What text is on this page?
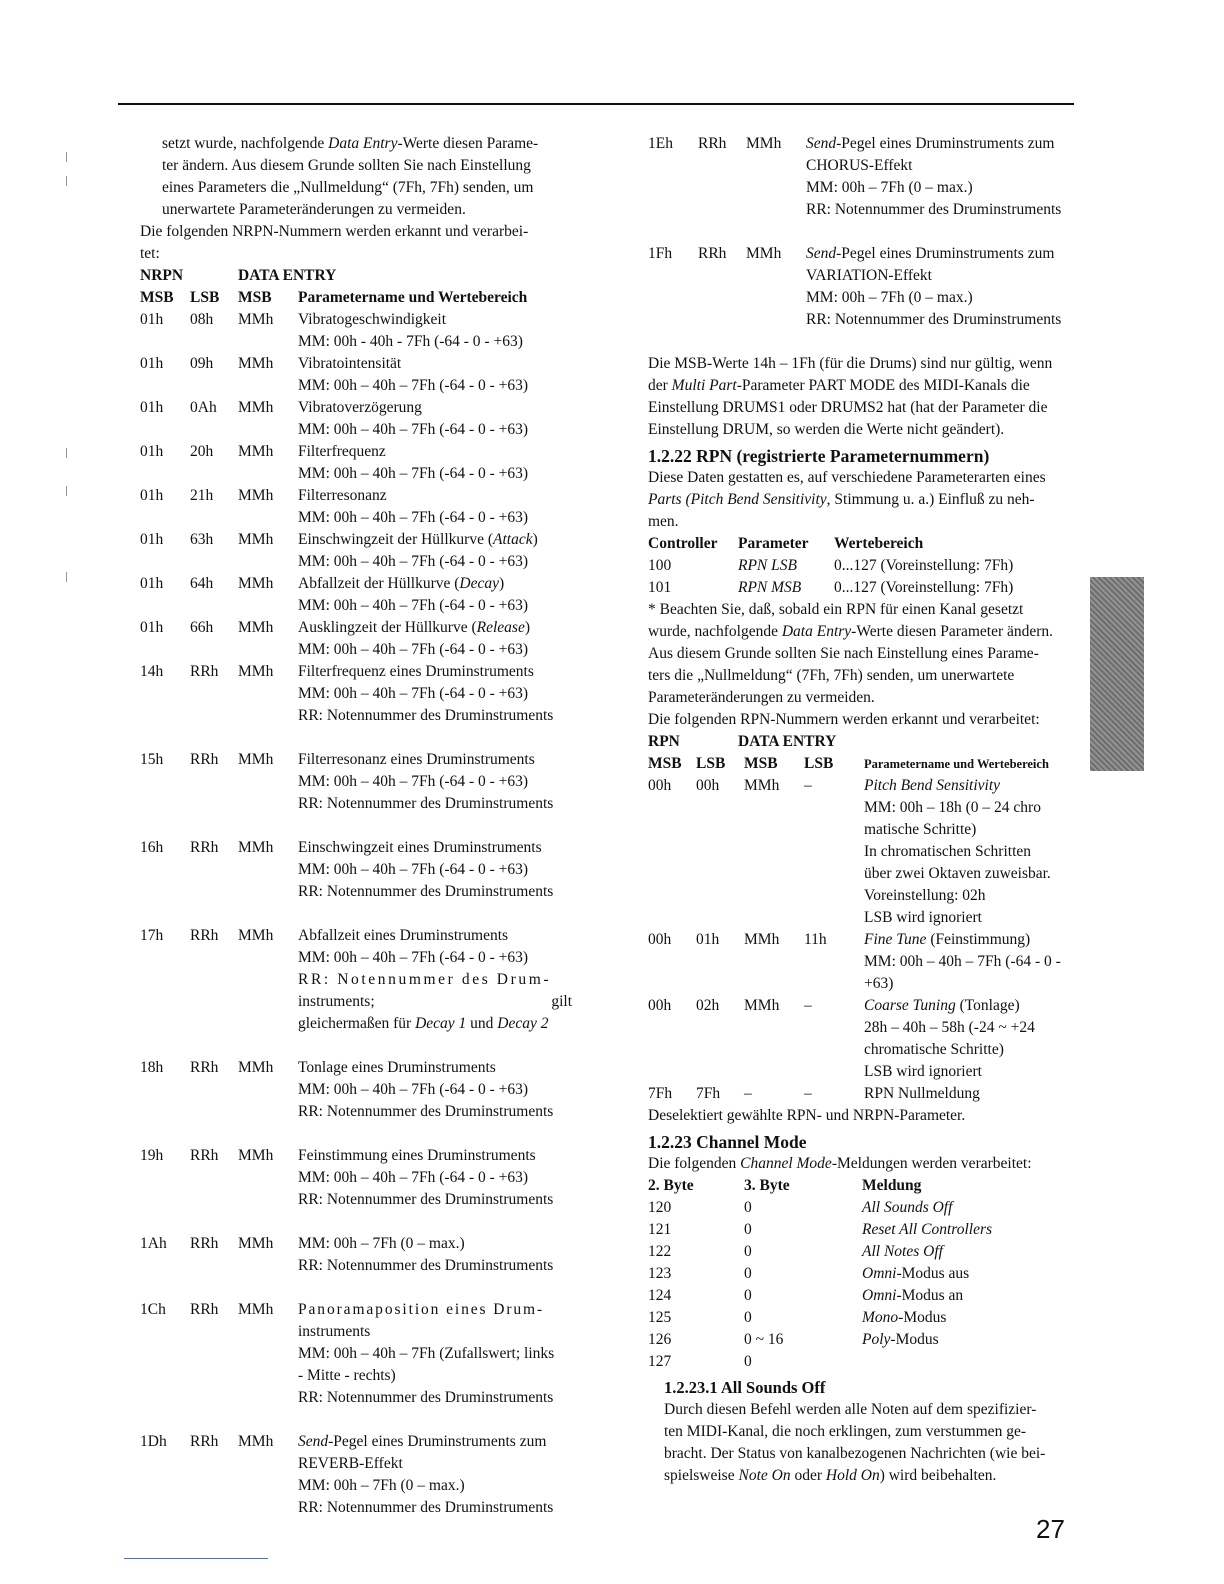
setzt wurde, nachfolgende Data Entry-Werte diesen Parame-
ter ändern. Aus diesem Grunde sollten Sie nach Einstellung
eines Parameters die „Nullmeldung“ (7Fh, 7Fh) senden, um
unerwartete Parameteränderungen zu vermeiden.
Die folgenden NRPN-Nummern werden erkannt und verarbei-
tet:
NRPN	DATA ENTRY
MSB LSB MSB Parametername und Wertebereich
01h 08h MMh Vibratogeschwindigkeit
MM: 00h - 40h - 7Fh (-64 - 0 - +63)
01h 09h MMh Vibratointensität
MM: 00h – 40h – 7Fh (-64 - 0 - +63)
01h 0Ah MMh Vibratoverzögerung
MM: 00h – 40h – 7Fh (-64 - 0 - +63)
01h 20h MMh Filterfrequenz
MM: 00h – 40h – 7Fh (-64 - 0 - +63)
01h 21h MMh Filterresonanz
MM: 00h – 40h – 7Fh (-64 - 0 - +63)
01h 63h MMh Einschwingzeit der Hüllkurve (Attack)
MM: 00h – 40h – 7Fh (-64 - 0 - +63)
01h 64h MMh Abfallzeit der Hüllkurve (Decay)
MM: 00h – 40h – 7Fh (-64 - 0 - +63)
01h 66h MMh Ausklingzeit der Hüllkurve (Release)
MM: 00h – 40h – 7Fh (-64 - 0 - +63)
14h RRh MMh Filterfrequenz eines Druminstruments
MM: 00h – 40h – 7Fh (-64 - 0 - +63)
RR: Notennummer des Druminstruments
15h RRh MMh Filterresonanz eines Druminstruments
MM: 00h – 40h – 7Fh (-64 - 0 - +63)
RR: Notennummer des Druminstruments
16h RRh MMh Einschwingzeit eines Druminstruments
MM: 00h – 40h – 7Fh (-64 - 0 - +63)
RR: Notennummer des Druminstruments
17h RRh MMh Abfallzeit eines Druminstruments
MM: 00h – 40h – 7Fh (-64 - 0 - +63)
RR: Notennummer des Drum-
instruments; gilt
gleichermaßen für Decay 1 und Decay 2
18h RRh MMh Tonlage eines Druminstruments
MM: 00h – 40h – 7Fh (-64 - 0 - +63)
RR: Notennummer des Druminstruments
19h RRh MMh Feinstimmung eines Druminstruments
MM: 00h – 40h – 7Fh (-64 - 0 - +63)
RR: Notennummer des Druminstruments
1Ah RRh MMh MM: 00h – 7Fh (0 – max.)
RR: Notennummer des Druminstruments
1Ch RRh MMh Panoramaposition eines Drum-
instruments
MM: 00h – 40h – 7Fh (Zufallswert; links
- Mitte - rechts)
RR: Notennummer des Druminstruments
1Dh RRh MMh Send-Pegel eines Druminstruments zum
REVERB-Effekt
MM: 00h – 7Fh (0 – max.)
RR: Notennummer des Druminstruments
1Eh RRh MMh Send-Pegel eines Druminstruments zum
CHORUS-Effekt
MM: 00h – 7Fh (0 – max.)
RR: Notennummer des Druminstruments
1Fh RRh MMh Send-Pegel eines Druminstruments zum
VARIATION-Effekt
MM: 00h – 7Fh (0 – max.)
RR: Notennummer des Druminstruments
Die MSB-Werte 14h – 1Fh (für die Drums) sind nur gültig, wenn
der Multi Part-Parameter PART MODE des MIDI-Kanals die
Einstellung DRUMS1 oder DRUMS2 hat (hat der Parameter die
Einstellung DRUM, so werden die Werte nicht geändert).
1.2.22 RPN (registrierte Parameternummern)
Diese Daten gestatten es, auf verschiedene Parameterarten eines
Parts (Pitch Bend Sensitivity, Stimmung u. a.) Einfluß zu neh-
men.
Controller Parameter Wertebereich
100	RPN LSB 0...127 (Voreinstellung: 7Fh)
101	RPN MSB 0...127 (Voreinstellung: 7Fh)
* Beachten Sie, daß, sobald ein RPN für einen Kanal gesetzt
wurde, nachfolgende Data Entry-Werte diesen Parameter ändern.
Aus diesem Grunde sollten Sie nach Einstellung eines Parame-
ters die „Nullmeldung“ (7Fh, 7Fh) senden, um unerwartete
Parameteränderungen zu vermeiden.
Die folgenden RPN-Nummern werden erkannt und verarbeitet:
RPN	DATA ENTRY
MSB LSB MSB LSB Parametername und Wertebereich
00h 00h MMh –	Pitch Bend Sensitivity
MM: 00h – 18h (0 – 24 chro
matische Schritte)
In chromatischen Schritten
über zwei Oktaven zuweisbar.
Voreinstellung: 02h
LSB wird ignoriert
00h 01h MMh 11h Fine Tune (Feinstimmung)
MM: 00h – 40h – 7Fh (-64 - 0 -
+63)
00h 02h MMh –	Coarse Tuning (Tonlage)
28h – 40h – 58h (-24 ~ +24
chromatische Schritte)
LSB wird ignoriert
7Fh 7Fh –	–	RPN Nullmeldung
Deselektiert gewählte RPN- und NRPN-Parameter.
1.2.23 Channel Mode
Die folgenden Channel Mode-Meldungen werden verarbeitet:
2. Byte	3. Byte	Meldung
120	0	All Sounds Off
121	0	Reset All Controllers
122	0	All Notes Off
123	0	Omni-Modus aus
124	0	Omni-Modus an
125	0	Mono-Modus
126	0 ~ 16	Poly-Modus
127	0
1.2.23.1 All Sounds Off
Durch diesen Befehl werden alle Noten auf dem spezifizier-
ten MIDI-Kanal, die noch erklingen, zum verstummen ge-
bracht. Der Status von kanalbezogenen Nachrichten (wie bei-
spielsweise Note On oder Hold On) wird beibehalten.
27
